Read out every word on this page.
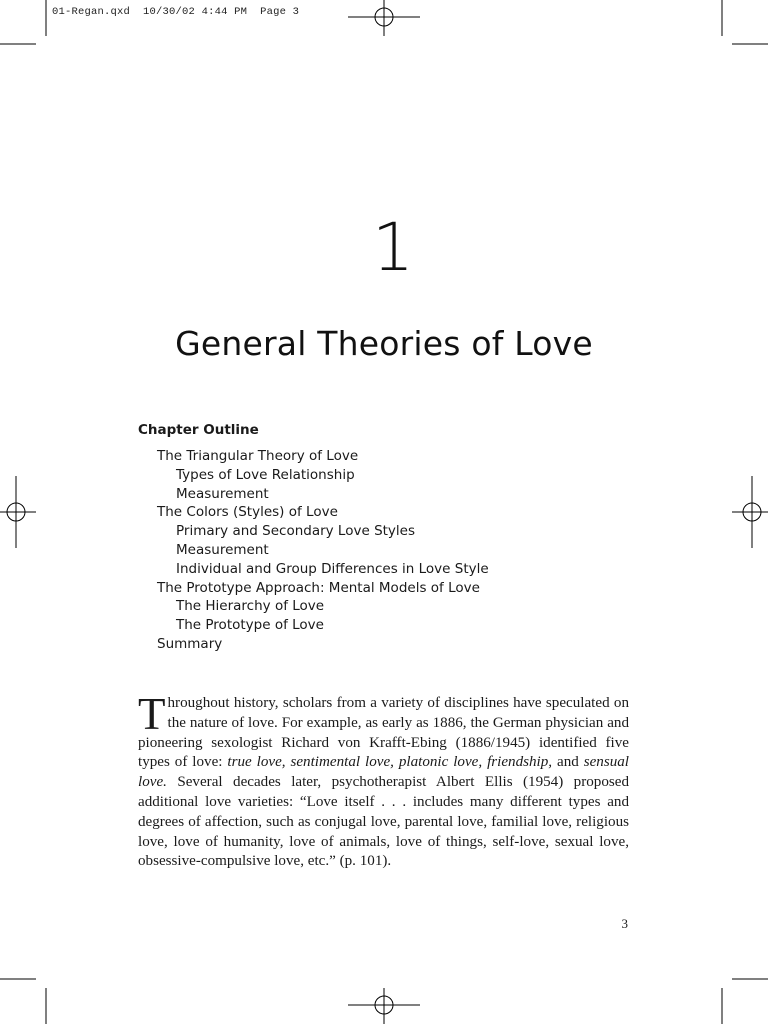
01-Regan.qxd 10/30/02 4:44 PM Page 3
1
General Theories of Love
Chapter Outline
The Triangular Theory of Love
Types of Love Relationship
Measurement
The Colors (Styles) of Love
Primary and Secondary Love Styles
Measurement
Individual and Group Differences in Love Style
The Prototype Approach: Mental Models of Love
The Hierarchy of Love
The Prototype of Love
Summary
Throughout history, scholars from a variety of disciplines have speculated on the nature of love. For example, as early as 1886, the German physician and pioneering sexologist Richard von Krafft-Ebing (1886/1945) identified five types of love: true love, sentimental love, platonic love, friendship, and sensual love. Several decades later, psychotherapist Albert Ellis (1954) proposed additional love varieties: “Love itself . . . includes many different types and degrees of affection, such as conjugal love, parental love, familial love, religious love, love of humanity, love of animals, love of things, self-love, sexual love, obsessive-compulsive love, etc.” (p. 101).
3
